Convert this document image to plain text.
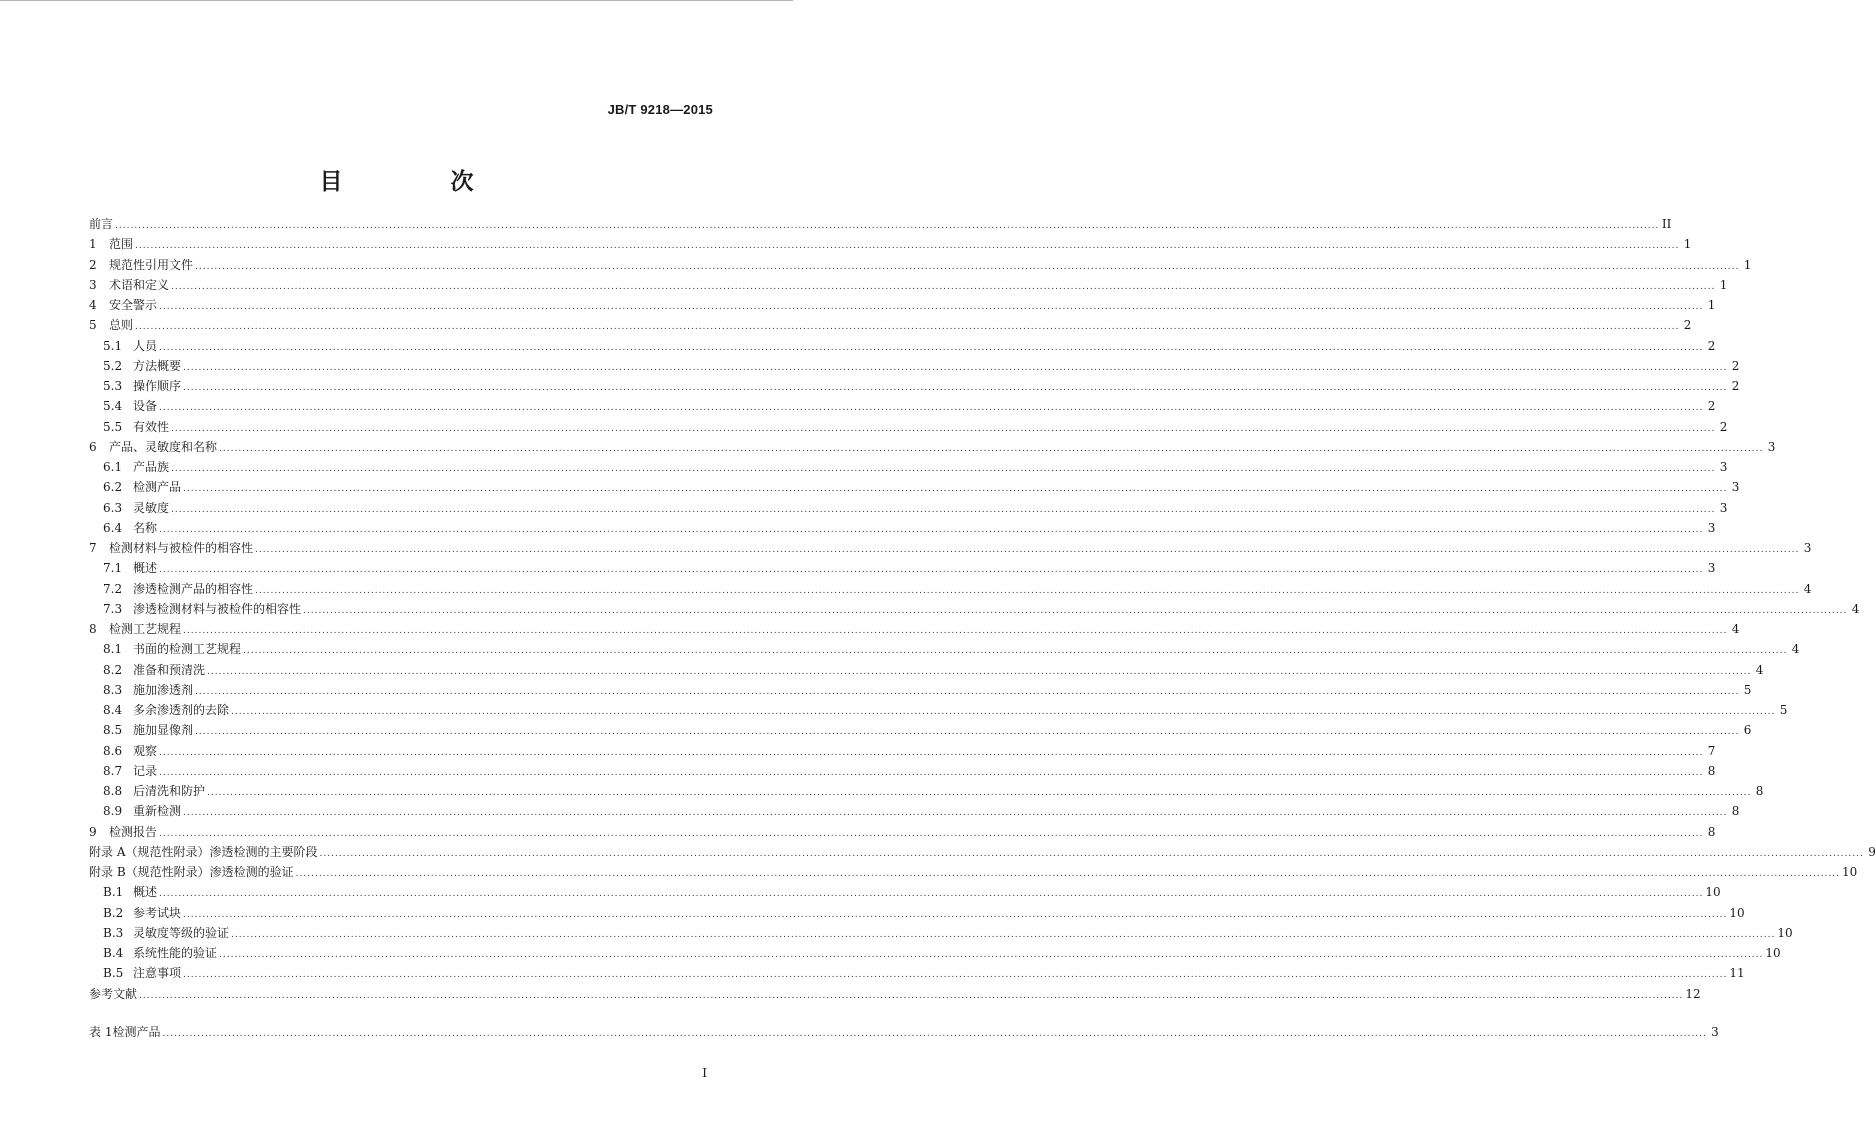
JB/T 9218—2015
目 次
前言 ................................................................................................................................................................................................................................................................................................................................................................................................................ II
1	范围 ................................................................................................................................................................................................................................................................................................................................................................................................................ 1
2	规范性引用文件 ................................................................................................................................................................................................................................................................................................................................................................................................................ 1
3	术语和定义 ................................................................................................................................................................................................................................................................................................................................................................................................................ 1
4	安全警示 ................................................................................................................................................................................................................................................................................................................................................................................................................ 1
5	总则 ................................................................................................................................................................................................................................................................................................................................................................................................................ 2
5.1 人员 ................................................................................................................................................................................................................................................................................................................................................................................................................ 2
5.2 方法概要 ................................................................................................................................................................................................................................................................................................................................................................................................................ 2
5.3 操作顺序 ................................................................................................................................................................................................................................................................................................................................................................................................................ 2
5.4 设备 ................................................................................................................................................................................................................................................................................................................................................................................................................ 2
5.5 有效性 ................................................................................................................................................................................................................................................................................................................................................................................................................ 2
6	产品、灵敏度和名称 ................................................................................................................................................................................................................................................................................................................................................................................................................ 3
6.1 产品族 ................................................................................................................................................................................................................................................................................................................................................................................................................ 3
6.2 检测产品 ................................................................................................................................................................................................................................................................................................................................................................................................................ 3
6.3 灵敏度 ................................................................................................................................................................................................................................................................................................................................................................................................................ 3
6.4 名称 ................................................................................................................................................................................................................................................................................................................................................................................................................ 3
7	检测材料与被检件的相容性 ................................................................................................................................................................................................................................................................................................................................................................................................................ 3
7.1 概述 ................................................................................................................................................................................................................................................................................................................................................................................................................ 3
7.2 渗透检测产品的相容性 ................................................................................................................................................................................................................................................................................................................................................................................................................ 4
7.3 渗透检测材料与被检件的相容性 ................................................................................................................................................................................................................................................................................................................................................................................................................ 4
8	检测工艺规程 ................................................................................................................................................................................................................................................................................................................................................................................................................ 4
8.1 书面的检测工艺规程 ................................................................................................................................................................................................................................................................................................................................................................................................................ 4
8.2 准备和预清洗 ................................................................................................................................................................................................................................................................................................................................................................................................................ 4
8.3 施加渗透剂 ................................................................................................................................................................................................................................................................................................................................................................................................................ 5
8.4 多余渗透剂的去除 ................................................................................................................................................................................................................................................................................................................................................................................................................ 5
8.5 施加显像剂 ................................................................................................................................................................................................................................................................................................................................................................................................................ 6
8.6 观察 ................................................................................................................................................................................................................................................................................................................................................................................................................ 7
8.7 记录 ................................................................................................................................................................................................................................................................................................................................................................................................................ 8
8.8 后清洗和防护 ................................................................................................................................................................................................................................................................................................................................................................................................................ 8
8.9 重新检测 ................................................................................................................................................................................................................................................................................................................................................................................................................ 8
9	检测报告 ................................................................................................................................................................................................................................................................................................................................................................................................................ 8
附录 A（规范性附录） 渗透检测的主要阶段 ................................................................................................................................................................................................................................................................................................................................................................................................................ 9
附录 B（规范性附录） 渗透检测的验证 ................................................................................................................................................................................................................................................................................................................................................................................................................ 10
B.1 概述 ................................................................................................................................................................................................................................................................................................................................................................................................................ 10
B.2 参考试块 ................................................................................................................................................................................................................................................................................................................................................................................................................ 10
B.3 灵敏度等级的验证 ................................................................................................................................................................................................................................................................................................................................................................................................................ 10
B.4 系统性能的验证 ................................................................................................................................................................................................................................................................................................................................................................................................................ 10
B.5 注意事项 ................................................................................................................................................................................................................................................................................................................................................................................................................ 11
参考文献 ................................................................................................................................................................................................................................................................................................................................................................................................................ 12
表 1 检测产品 ................................................................................................................................................................................................................................................................................................................................................................................................................ 3
I
